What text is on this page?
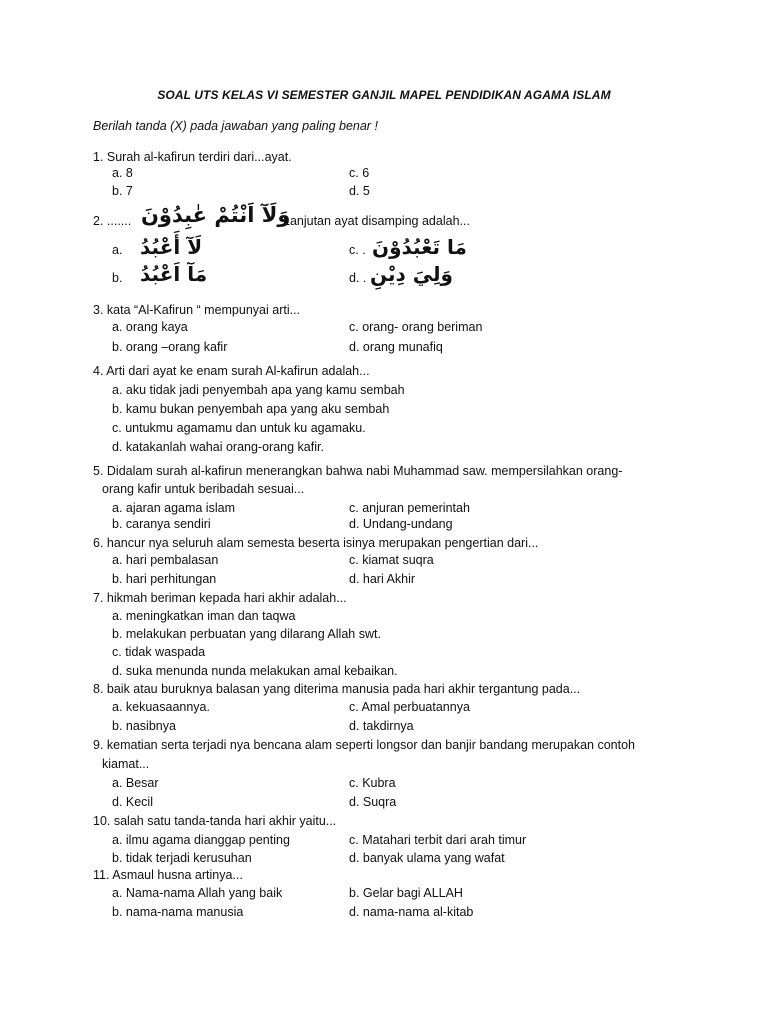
SOAL UTS KELAS VI SEMESTER GANJIL MAPEL PENDIDIKAN AGAMA ISLAM
Berilah tanda (X) pada jawaban yang paling benar !
1. Surah al-kafirun terdiri dari...ayat.
a. 8	c. 6
b. 7	d. 5
2. ....... وَلَآ اَنْتُمْ عٰبِدُوْنَ
Lanjutan ayat disamping adalah...
a. لَآ أَعْبُدُ	c. . مَا تَعْبُدُوْنَ
b. مَآ اَعْبُدُ	d. . وَلِيَ دِيْنِ
3. kata “Al-Kafirun “ mempunyai arti...
a. orang kaya	c. orang- orang beriman
b. orang –orang kafir	d. orang munafiq
4. Arti dari ayat ke enam surah Al-kafirun adalah...
a. aku tidak jadi penyembah apa yang kamu sembah
b. kamu bukan penyembah apa yang aku sembah
c. untukmu agamamu dan untuk ku agamaku.
d. katakanlah wahai orang-orang kafir.
5. Didalam surah al-kafirun menerangkan bahwa nabi Muhammad saw. mempersilahkan orang-
orang kafir untuk beribadah sesuai...
a. ajaran agama islam	c. anjuran pemerintah
b. caranya sendiri	d. Undang-undang
6. hancur nya seluruh alam semesta beserta isinya merupakan pengertian dari...
a. hari pembalasan	c. kiamat suqra
b. hari perhitungan	d. hari Akhir
7. hikmah beriman kepada hari akhir adalah...
a. meningkatkan iman dan taqwa
b. melakukan perbuatan yang dilarang Allah swt.
c. tidak waspada
d. suka menunda nunda melakukan amal kebaikan.
8. baik atau buruknya balasan yang diterima manusia pada hari akhir tergantung pada...
a. kekuasaannya.	c. Amal perbuatannya
b. nasibnya	d. takdirnya
9. kematian serta terjadi nya bencana alam seperti longsor dan banjir bandang merupakan contoh
kiamat...
a. Besar	c. Kubra
d. Kecil	d. Suqra
10. salah satu tanda-tanda hari akhir yaitu...
a. ilmu agama dianggap penting	c. Matahari terbit dari arah timur
b. tidak terjadi kerusuhan	d. banyak ulama yang wafat
11. Asmaul husna artinya...
a. Nama-nama Allah yang baik	b. Gelar bagi ALLAH
b. nama-nama manusia	d. nama-nama al-kitab
